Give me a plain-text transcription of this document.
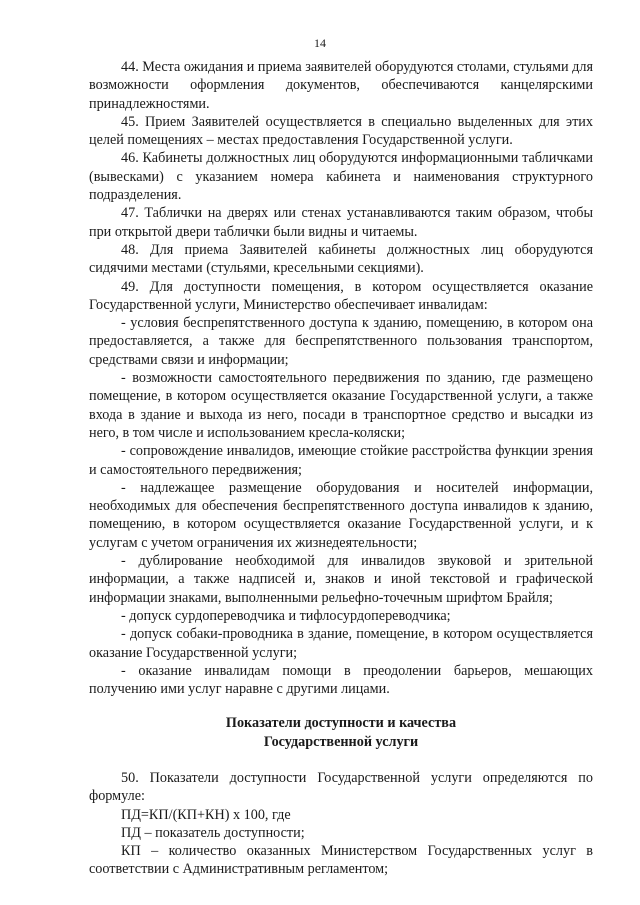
14

44. Места ожидания и приема заявителей оборудуются столами, стульями для возможности оформления документов, обеспечиваются канцелярскими принадлежностями.

45. Прием Заявителей осуществляется в специально выделенных для этих целей помещениях – местах предоставления Государственной услуги.

46. Кабинеты должностных лиц оборудуются информационными табличками (вывесками) с указанием номера кабинета и наименования структурного подразделения.

47. Таблички на дверях или стенах устанавливаются таким образом, чтобы при открытой двери таблички были видны и читаемы.

48. Для приема Заявителей кабинеты должностных лиц оборудуются сидячими местами (стульями, кресельными секциями).

49. Для доступности помещения, в котором осуществляется оказание Государственной услуги, Министерство обеспечивает инвалидам:

- условия беспрепятственного доступа к зданию, помещению, в котором она предоставляется, а также для беспрепятственного пользования транспортом, средствами связи и информации;

- возможности самостоятельного передвижения по зданию, где размещено помещение, в котором осуществляется оказание Государственной услуги, а также входа в здание и выхода из него, посади в транспортное средство и высадки из него, в том числе и использованием кресла-коляски;

- сопровождение инвалидов, имеющие стойкие расстройства функции зрения и самостоятельного передвижения;

- надлежащее размещение оборудования и носителей информации, необходимых для обеспечения беспрепятственного доступа инвалидов к зданию, помещению, в котором осуществляется оказание Государственной услуги, и к услугам с учетом ограничения их жизнедеятельности;

- дублирование необходимой для инвалидов звуковой и зрительной информации, а также надписей и, знаков и иной текстовой и графической информации знаками, выполненными рельефно-точечным шрифтом Брайля;

- допуск сурдопереводчика и тифлосурдопереводчика;

- допуск собаки-проводника в здание, помещение, в котором осуществляется оказание Государственной услуги;

- оказание инвалидам помощи в преодолении барьеров, мешающих получению ими услуг наравне с другими лицами.

Показатели доступности и качества
Государственной услуги

50. Показатели доступности Государственной услуги определяются по формуле:

ПД=КП/(КП+КН) х 100, где

ПД – показатель доступности;

КП – количество оказанных Министерством Государственных услуг в соответствии с Административным регламентом;
